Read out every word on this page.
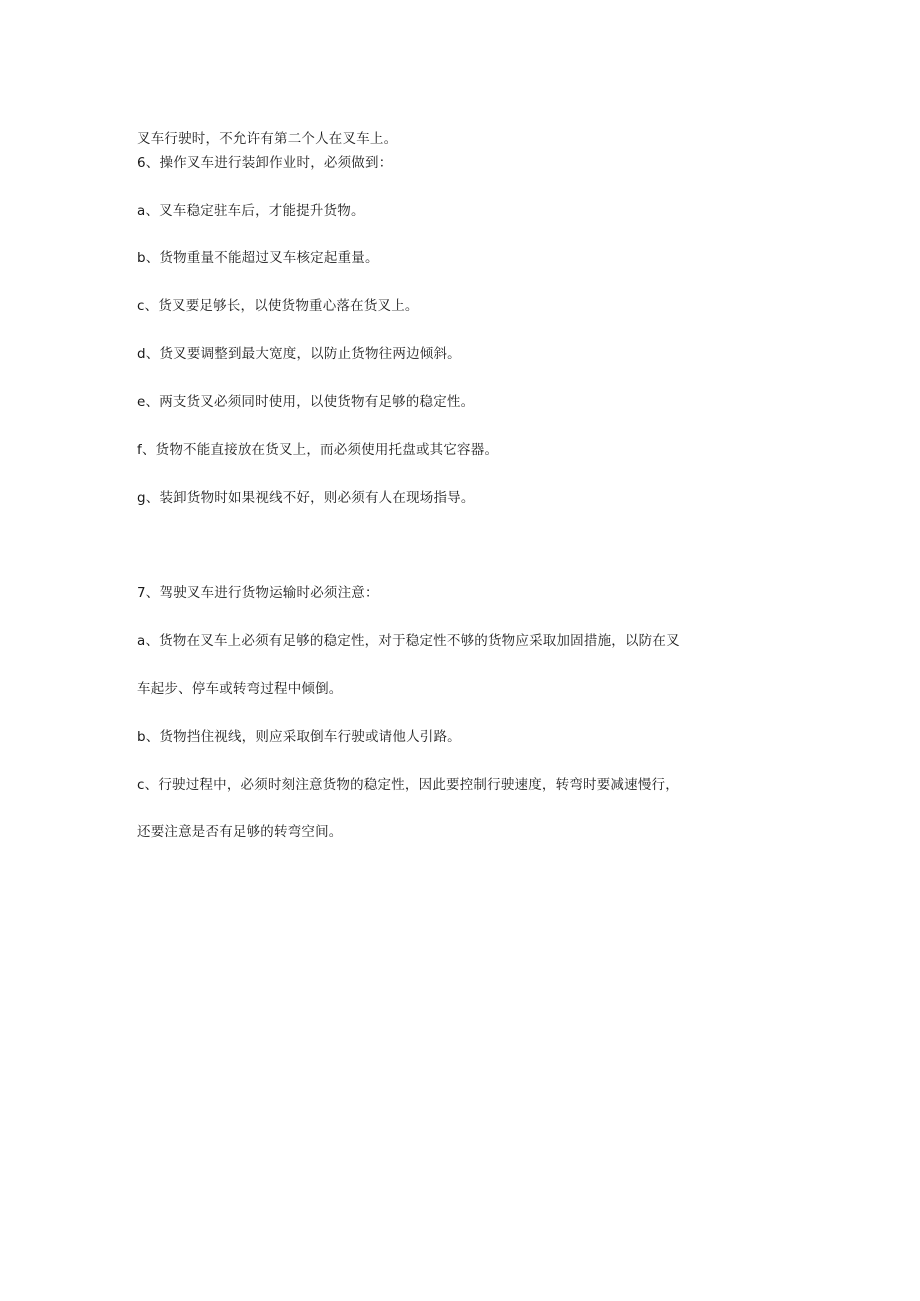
叉车行驶时，不允许有第二个人在叉车上。
6、操作叉车进行装卸作业时，必须做到：
a、叉车稳定驻车后，才能提升货物。
b、货物重量不能超过叉车核定起重量。
c、货叉要足够长，以使货物重心落在货叉上。
d、货叉要调整到最大宽度，以防止货物往两边倾斜。
e、两支货叉必须同时使用，以使货物有足够的稳定性。
f、货物不能直接放在货叉上，而必须使用托盘或其它容器。
g、装卸货物时如果视线不好，则必须有人在现场指导。
7、驾驶叉车进行货物运输时必须注意：
a、货物在叉车上必须有足够的稳定性，对于稳定性不够的货物应采取加固措施，以防在叉
车起步、停车或转弯过程中倾倒。
b、货物挡住视线，则应采取倒车行驶或请他人引路。
c、行驶过程中，必须时刻注意货物的稳定性，因此要控制行驶速度，转弯时要减速慢行，
还要注意是否有足够的转弯空间。
